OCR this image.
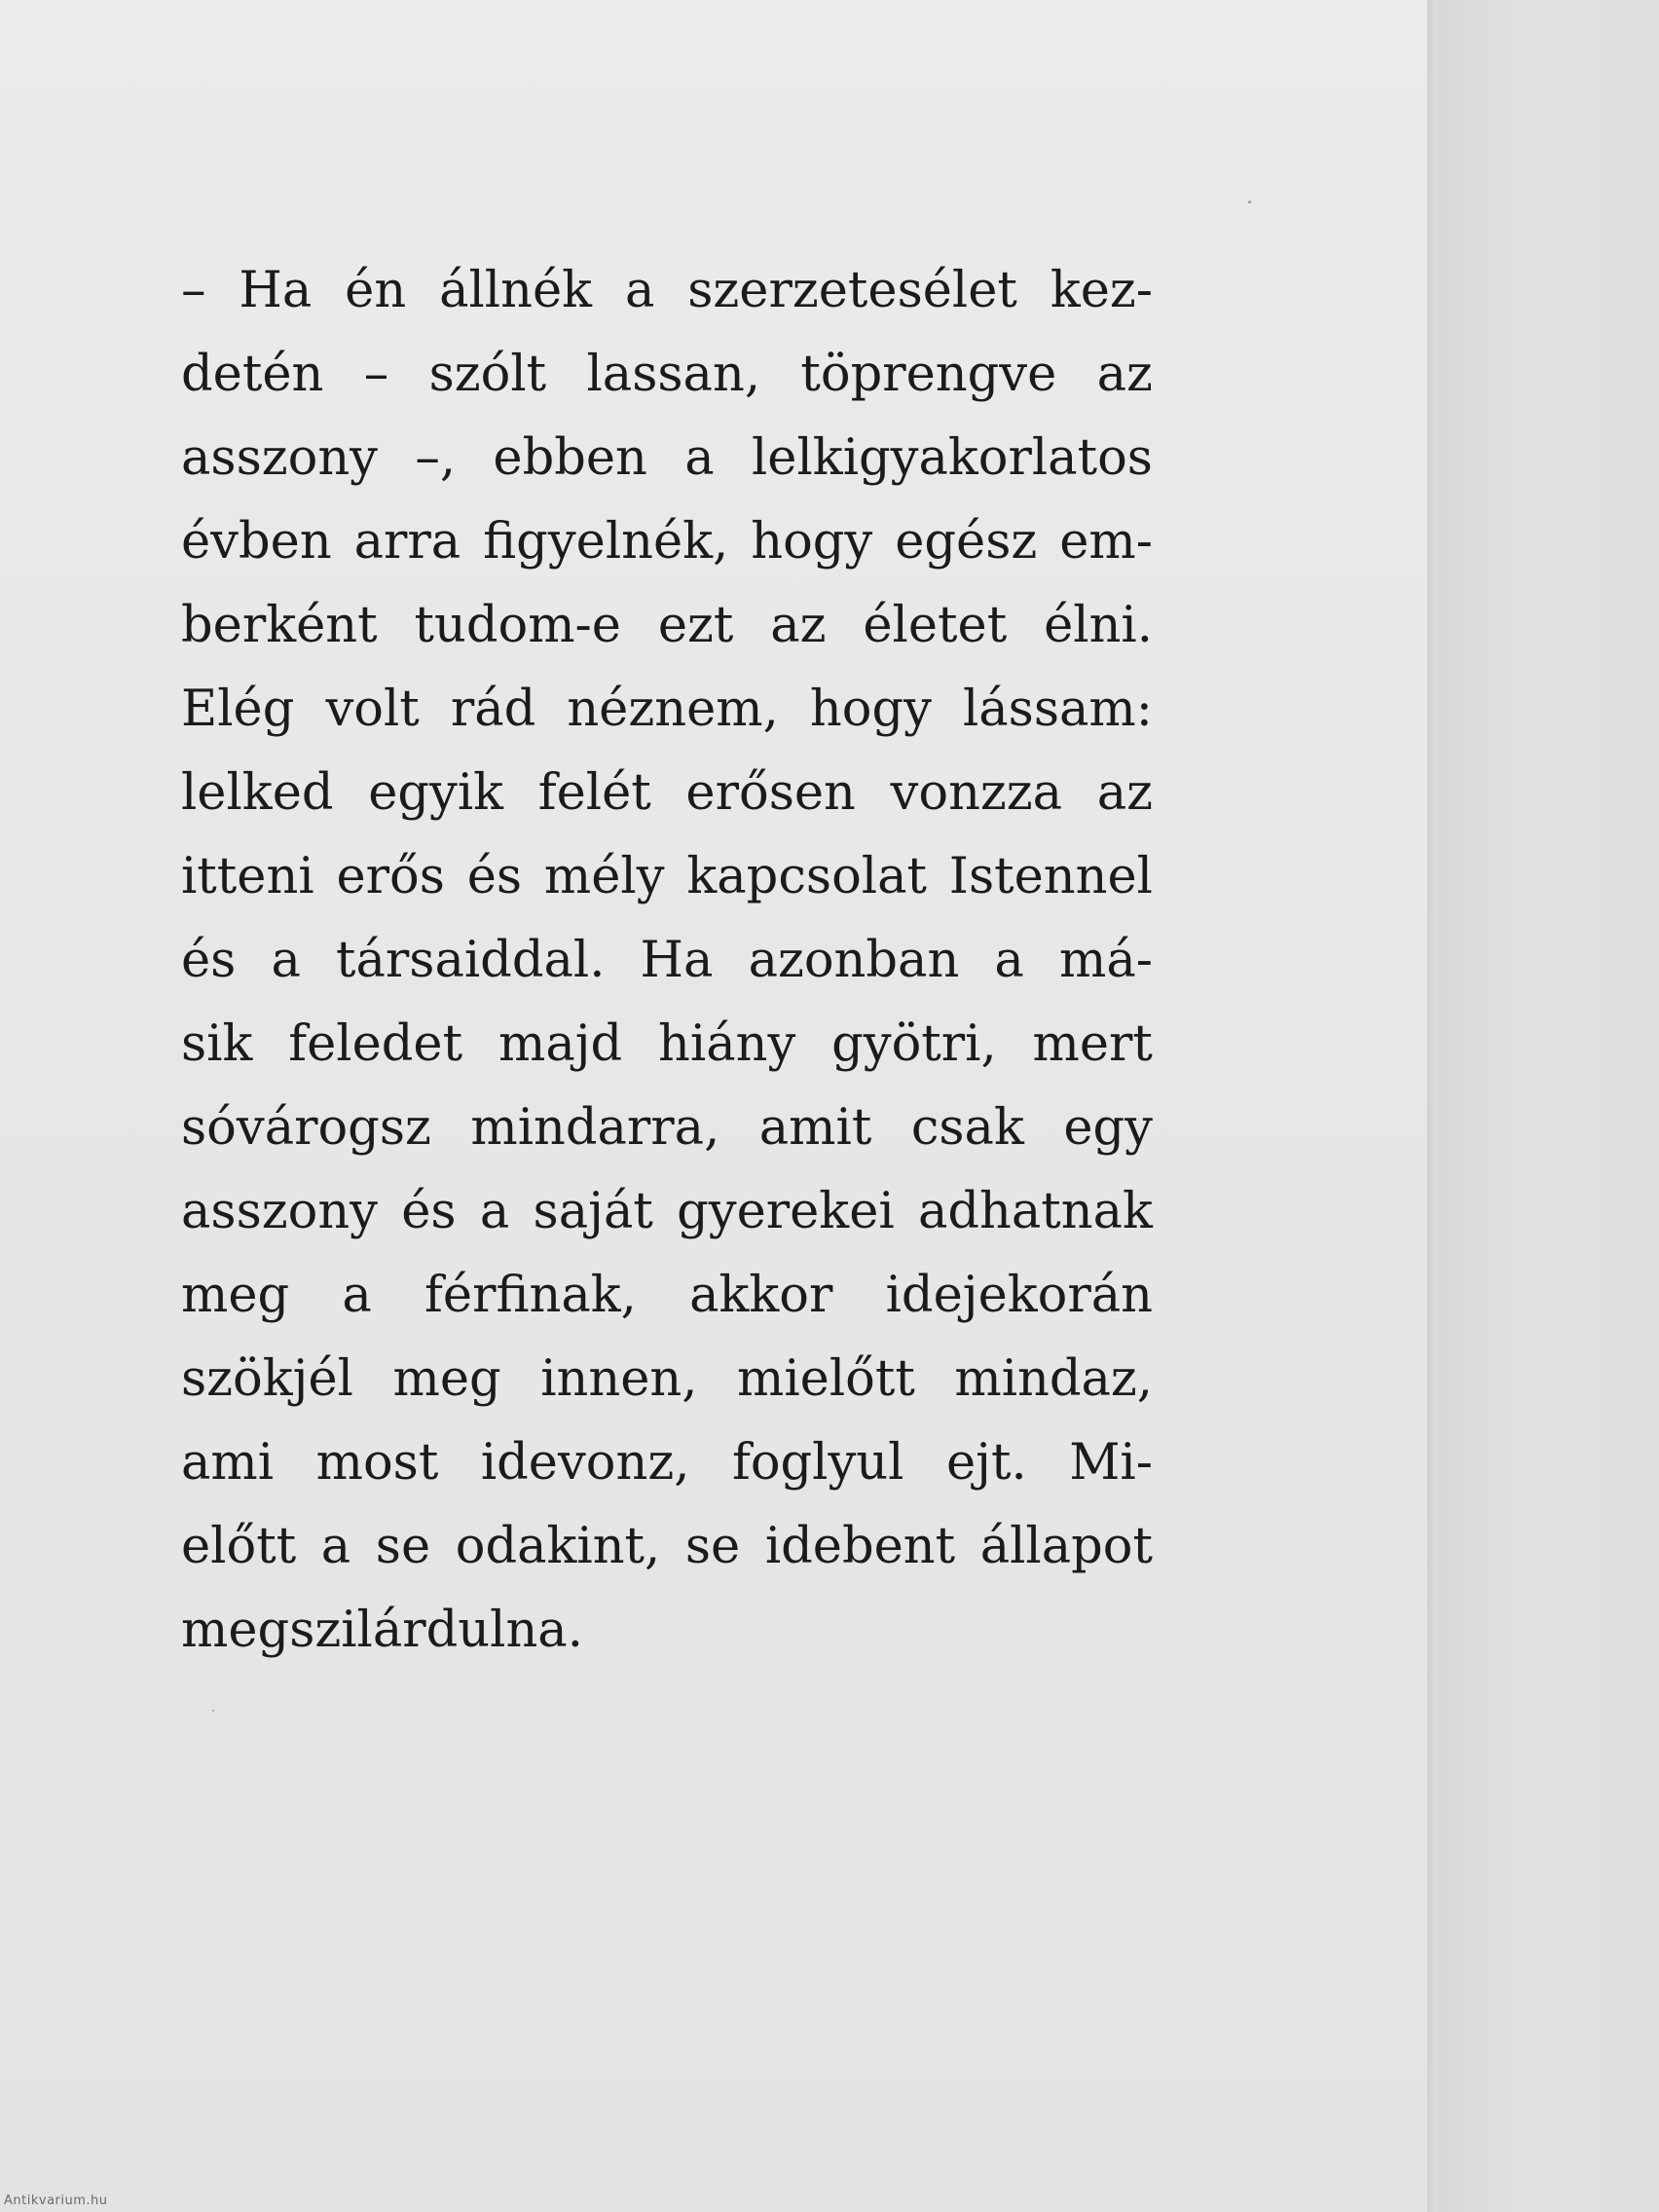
– Ha én állnék a szerzetesélet kez-
detén – szólt lassan, töprengve az
asszony –, ebben a lelkigyakorlatos
évben arra figyelnék, hogy egész em-
berként tudom-e ezt az életet élni.
Elég volt rád néznem, hogy lássam:
lelked egyik felét erősen vonzza az
itteni erős és mély kapcsolat Istennel
és a társaiddal. Ha azonban a má-
sik feledet majd hiány gyötri, mert
sóvárogsz mindarra, amit csak egy
asszony és a saját gyerekei adhatnak
meg a férfinak, akkor idejekorán
szökjél meg innen, mielőtt mindaz,
ami most idevonz, foglyul ejt. Mi-
előtt a se odakint, se idebent állapot
megszilárdulna.
Antikvarium.hu
